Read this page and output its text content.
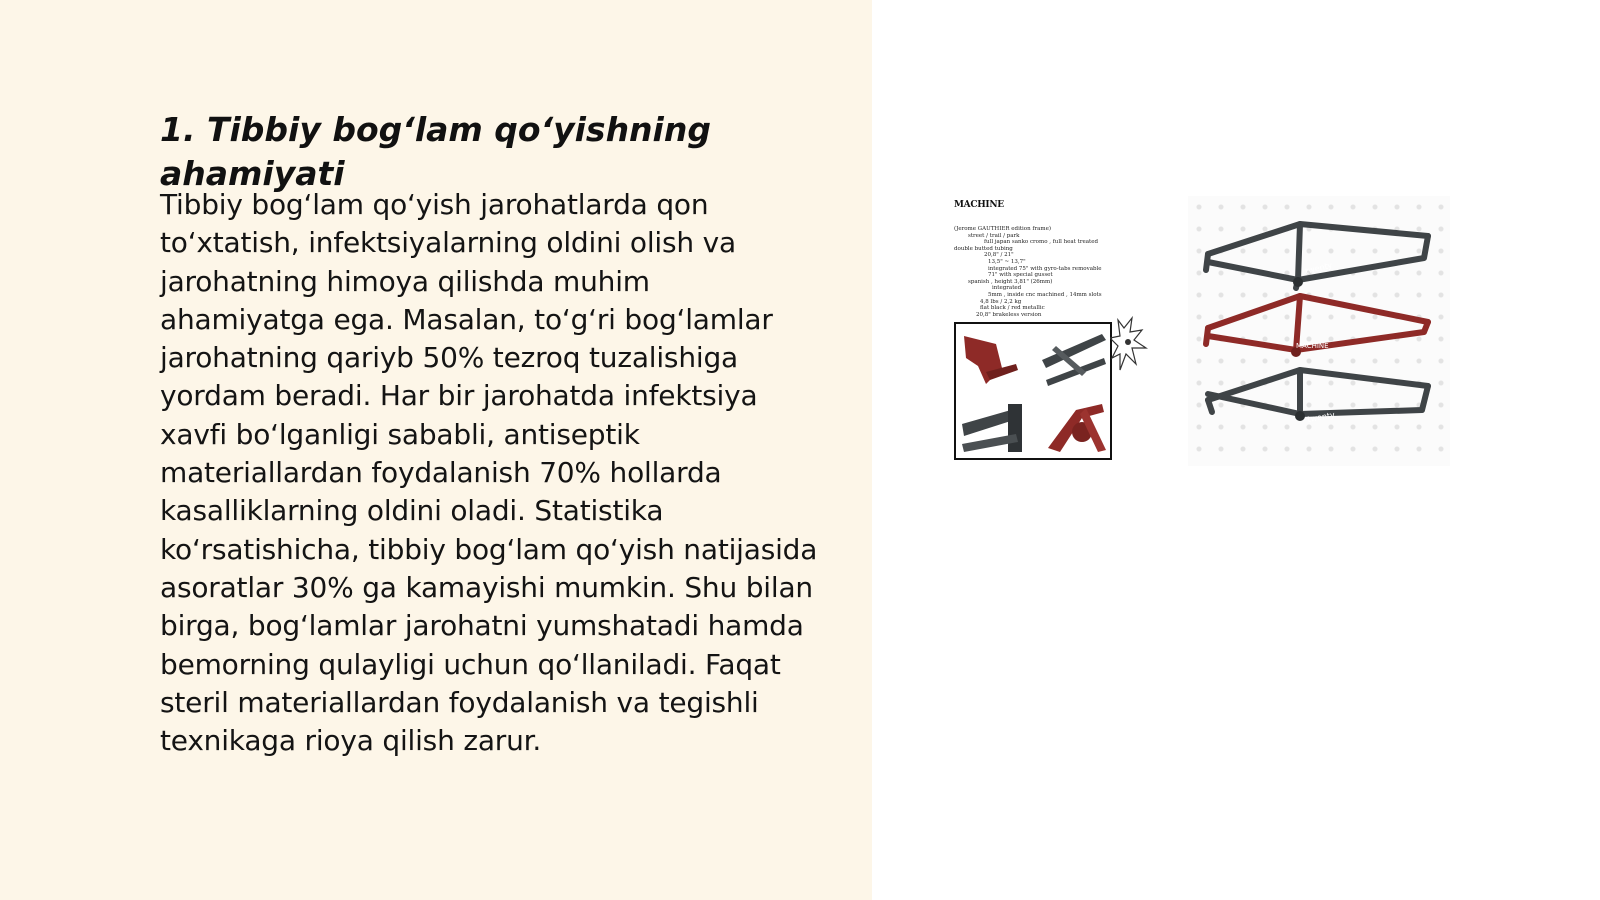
1. Tibbiy bog‘lam qo‘yishning ahamiyati

Tibbiy bog‘lam qo‘yish jarohatlarda qon to‘xtatish, infektsiyalarning oldini olish va jarohatning himoya qilishda muhim ahamiyatga ega. Masalan, to‘g‘ri bog‘lamlar jarohatning qariyb 50% tezroq tuzalishiga yordam beradi. Har bir jarohatda infektsiya xavfi bo‘lganligi sababli, antiseptik materiallardan foydalanish 70% hollarda kasalliklarning oldini oladi. Statistika ko‘rsatishicha, tibbiy bog‘lam qo‘yish natijasida asoratlar 30% ga kamayishi mumkin. Shu bilan birga, bog‘lamlar jarohatni yumshatadi hamda bemorning qulayligi uchun qo‘llaniladi. Faqat steril materiallardan foydalanish va tegishli texnikaga rioya qilish zarur.

MACHINE
(Jerome GAUTHIER edition frame)
street / trail / park
full japan sanko cromo , full heat treated
double butted tubing
20,8" / 21"
13,5" ~ 13,7"
integrated 75" with gyro-tabs removable
71" with special gusset
spanish , height 3,81" (26mm)
integrated
5mm , inside cnc machined , 14mm slots
4,8 lbs / 2,2 kg
flat black / red metallic
20,8" brakeless version
twenty
MACHINE
twenty
